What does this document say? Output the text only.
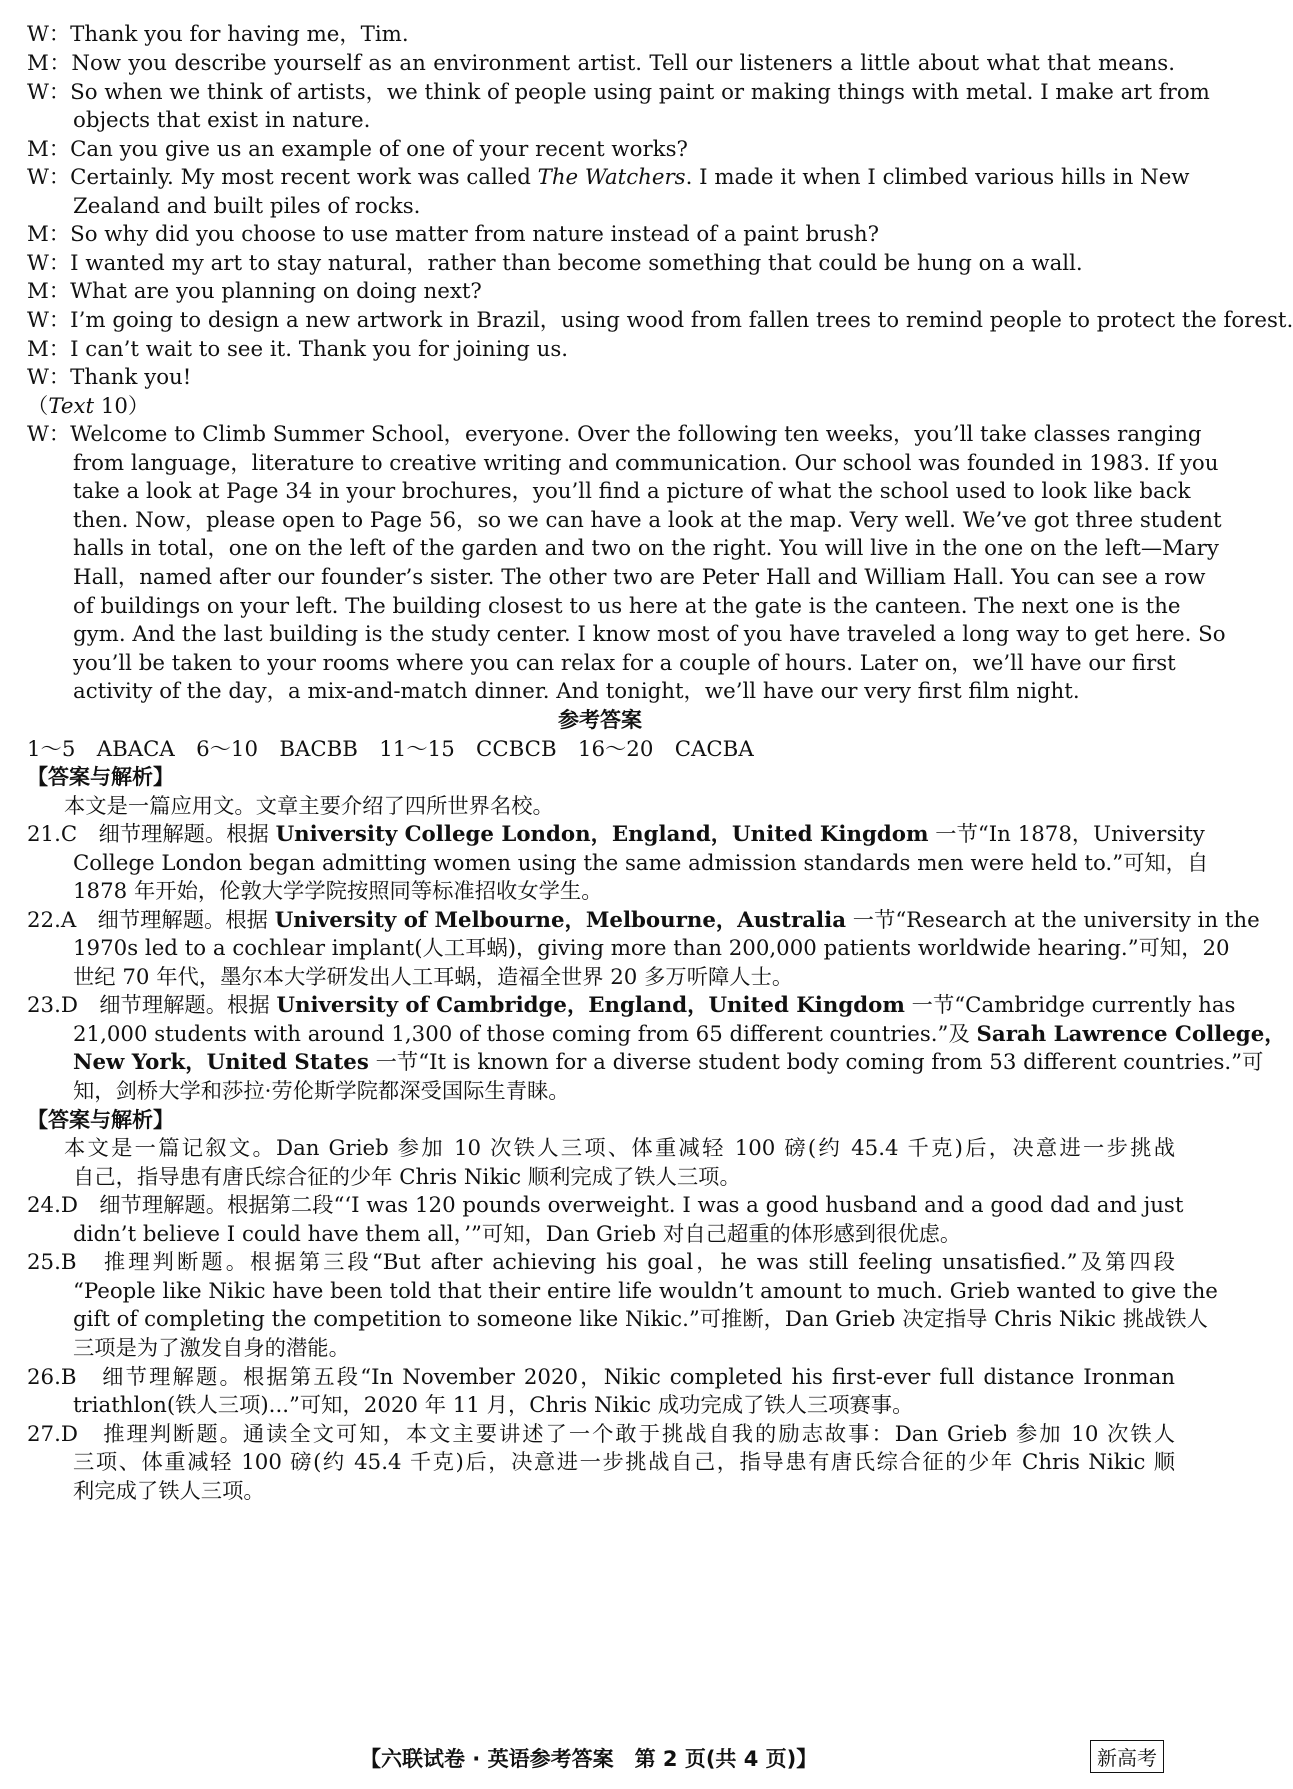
W：Thank you for having me，Tim.
M：Now you describe yourself as an environment artist. Tell our listeners a little about what that means.
W：So when we think of artists，we think of people using paint or making things with metal. I make art from
objects that exist in nature.
M：Can you give us an example of one of your recent works?
W：Certainly. My most recent work was called The Watchers. I made it when I climbed various hills in New
Zealand and built piles of rocks.
M：So why did you choose to use matter from nature instead of a paint brush?
W：I wanted my art to stay natural，rather than become something that could be hung on a wall.
M：What are you planning on doing next?
W：I’m going to design a new artwork in Brazil，using wood from fallen trees to remind people to protect the forest.
M：I can’t wait to see it. Thank you for joining us.
W：Thank you!
（Text 10）
W：Welcome to Climb Summer School，everyone. Over the following ten weeks，you’ll take classes ranging
from language，literature to creative writing and communication. Our school was founded in 1983. If you
take a look at Page 34 in your brochures，you’ll find a picture of what the school used to look like back
then. Now，please open to Page 56，so we can have a look at the map. Very well. We’ve got three student
halls in total，one on the left of the garden and two on the right. You will live in the one on the left—Mary
Hall，named after our founder’s sister. The other two are Peter Hall and William Hall. You can see a row
of buildings on your left. The building closest to us here at the gate is the canteen. The next one is the
gym. And the last building is the study center. I know most of you have traveled a long way to get here. So
you’ll be taken to your rooms where you can relax for a couple of hours. Later on，we’ll have our first
activity of the day，a mix-and-match dinner. And tonight，we’ll have our very first film night.
参考答案
1～5　ABACA　6～10　BACBB　11～15　CCBCB　16～20　CACBA
【答案与解析】
本文是一篇应用文。文章主要介绍了四所世界名校。
21.C　细节理解题。根据 University College London，England，United Kingdom 一节“In 1878，University
College London began admitting women using the same admission standards men were held to.”可知，自
1878 年开始，伦敦大学学院按照同等标准招收女学生。
22.A　细节理解题。根据 University of Melbourne，Melbourne，Australia 一节“Research at the university in the
1970s led to a cochlear implant(人工耳蜗)，giving more than 200,000 patients worldwide hearing.”可知，20
世纪 70 年代，墨尔本大学研发出人工耳蜗，造福全世界 20 多万听障人士。
23.D　细节理解题。根据 University of Cambridge，England，United Kingdom 一节“Cambridge currently has
21,000 students with around 1,300 of those coming from 65 different countries.”及 Sarah Lawrence College，
New York，United States 一节“It is known for a diverse student body coming from 53 different countries.”可
知，剑桥大学和莎拉·劳伦斯学院都深受国际生青睐。
【答案与解析】
本文是一篇记叙文。Dan Grieb 参加 10 次铁人三项、体重减轻 100 磅(约 45.4 千克)后，决意进一步挑战
自己，指导患有唐氏综合征的少年 Chris Nikic 顺利完成了铁人三项。
24.D　细节理解题。根据第二段“‘I was 120 pounds overweight. I was a good husband and a good dad and just
didn’t believe I could have them all，’”可知，Dan Grieb 对自己超重的体形感到很优虑。
25.B　推理判断题。根据第三段“But after achieving his goal，he was still feeling unsatisfied.”及第四段
“People like Nikic have been told that their entire life wouldn’t amount to much. Grieb wanted to give the
gift of completing the competition to someone like Nikic.”可推断，Dan Grieb 决定指导 Chris Nikic 挑战铁人
三项是为了激发自身的潜能。
26.B　细节理解题。根据第五段“In November 2020，Nikic completed his first-ever full distance Ironman
triathlon(铁人三项)...”可知，2020 年 11 月，Chris Nikic 成功完成了铁人三项赛事。
27.D　推理判断题。通读全文可知，本文主要讲述了一个敢于挑战自我的励志故事：Dan Grieb 参加 10 次铁人
三项、体重减轻 100 磅(约 45.4 千克)后，决意进一步挑战自己，指导患有唐氏综合征的少年 Chris Nikic 顺
利完成了铁人三项。
【六联试卷 · 英语参考答案　第 2 页(共 4 页)】	新高考
